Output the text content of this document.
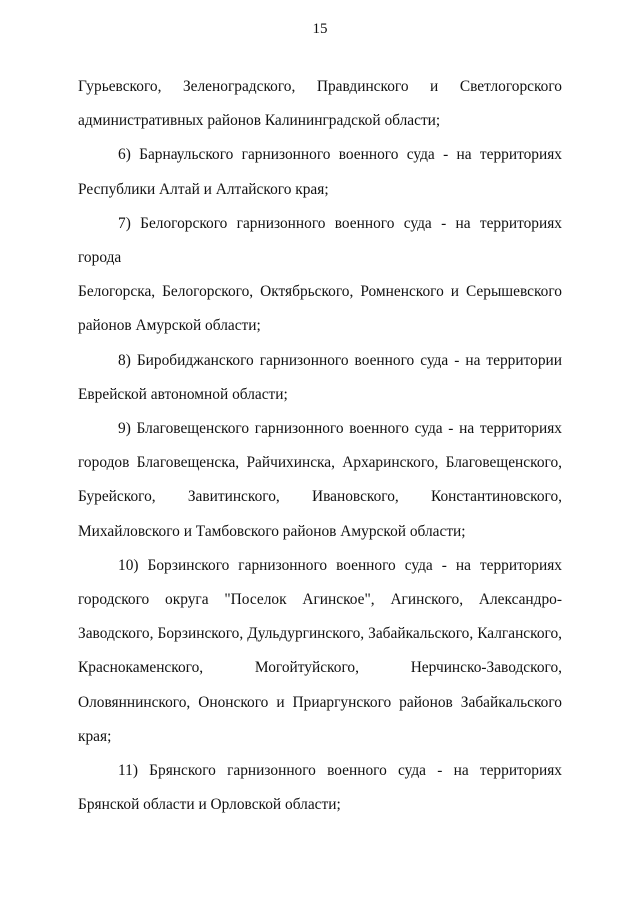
15

Гурьевского, Зеленоградского, Правдинского и Светлогорского

административных районов Калининградской области;

6) Барнаульского гарнизонного военного суда - на территориях

Республики Алтай и Алтайского края;

7) Белогорского гарнизонного военного суда - на территориях города

Белогорска, Белогорского, Октябрьского, Ромненского и Серышевского

районов Амурской области;

8) Биробиджанского гарнизонного военного суда - на территории

Еврейской автономной области;

9) Благовещенского гарнизонного военного суда - на территориях

городов Благовещенска, Райчихинска, Архаринского, Благовещенского,

Бурейского, Завитинского, Ивановского, Константиновского,

Михайловского и Тамбовского районов Амурской области;

10) Борзинского гарнизонного военного суда - на территориях

городского округа "Поселок Агинское", Агинского, Александро-

Заводского, Борзинского, Дульдургинского, Забайкальского, Калганского,

Краснокаменского, Могойтуйского, Нерчинско-Заводского,

Оловяннинского, Ононского и Приаргунского районов Забайкальского

края;

11) Брянского гарнизонного военного суда - на территориях

Брянской области и Орловской области;
